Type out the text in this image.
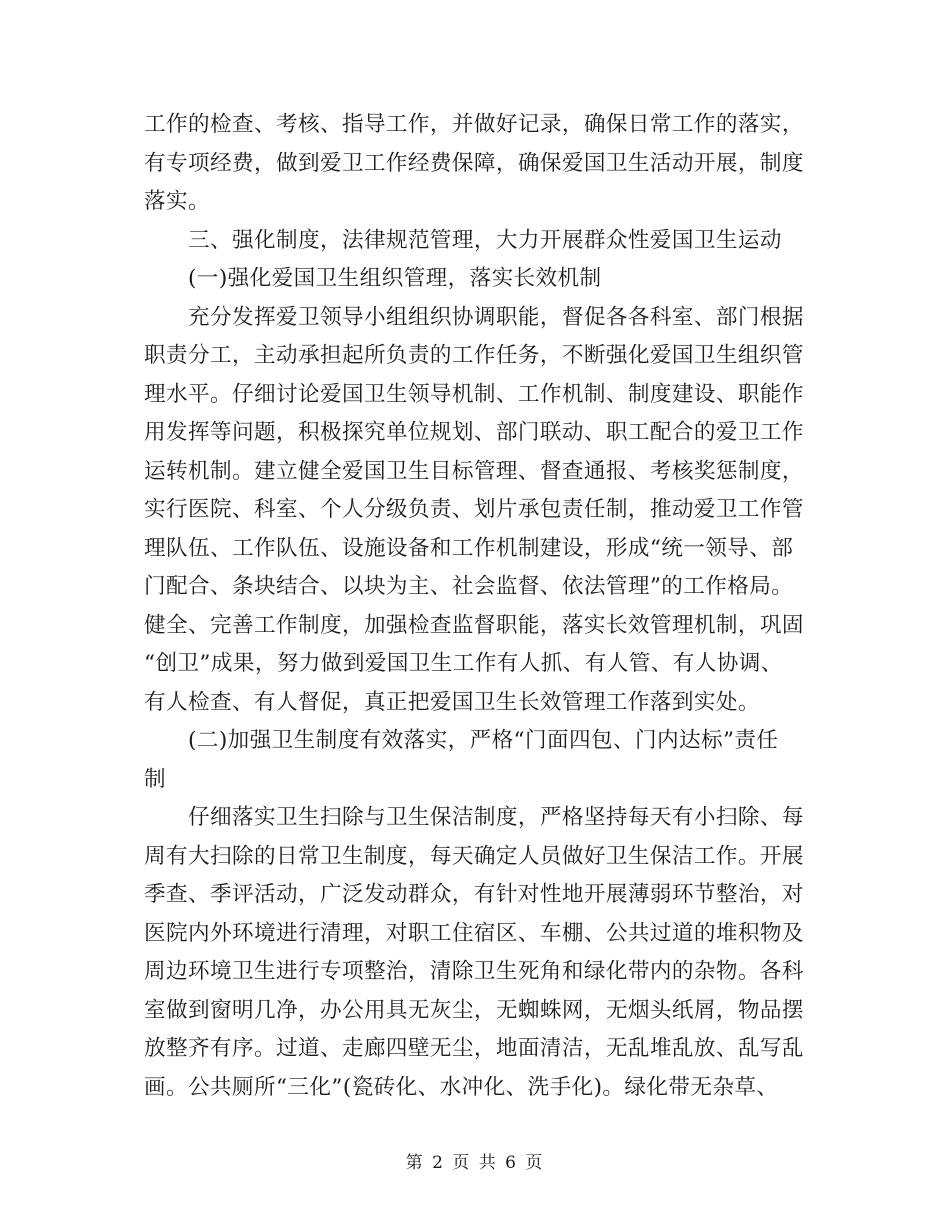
工作的检查、考核、指导工作，并做好记录，确保日常工作的落实，
有专项经费，做到爱卫工作经费保障，确保爱国卫生活动开展，制度
落实。
三、强化制度，法律规范管理，大力开展群众性爱国卫生运动
(一)强化爱国卫生组织管理，落实长效机制
充分发挥爱卫领导小组组织协调职能，督促各各科室、部门根据
职责分工，主动承担起所负责的工作任务，不断强化爱国卫生组织管
理水平。仔细讨论爱国卫生领导机制、工作机制、制度建设、职能作
用发挥等问题，积极探究单位规划、部门联动、职工配合的爱卫工作
运转机制。建立健全爱国卫生目标管理、督查通报、考核奖惩制度，
实行医院、科室、个人分级负责、划片承包责任制，推动爱卫工作管
理队伍、工作队伍、设施设备和工作机制建设，形成“统一领导、部
门配合、条块结合、以块为主、社会监督、依法管理”的工作格局。
健全、完善工作制度，加强检查监督职能，落实长效管理机制，巩固
“创卫”成果，努力做到爱国卫生工作有人抓、有人管、有人协调、
有人检查、有人督促，真正把爱国卫生长效管理工作落到实处。
(二)加强卫生制度有效落实，严格“门面四包、门内达标”责任
制
仔细落实卫生扫除与卫生保洁制度，严格坚持每天有小扫除、每
周有大扫除的日常卫生制度，每天确定人员做好卫生保洁工作。开展
季查、季评活动，广泛发动群众，有针对性地开展薄弱环节整治，对
医院内外环境进行清理，对职工住宿区、车棚、公共过道的堆积物及
周边环境卫生进行专项整治，清除卫生死角和绿化带内的杂物。各科
室做到窗明几净，办公用具无灰尘，无蜘蛛网，无烟头纸屑，物品摆
放整齐有序。过道、走廊四壁无尘，地面清洁，无乱堆乱放、乱写乱
画。公共厕所“三化”(瓷砖化、水冲化、洗手化)。绿化带无杂草、
第 2 页 共 6 页
